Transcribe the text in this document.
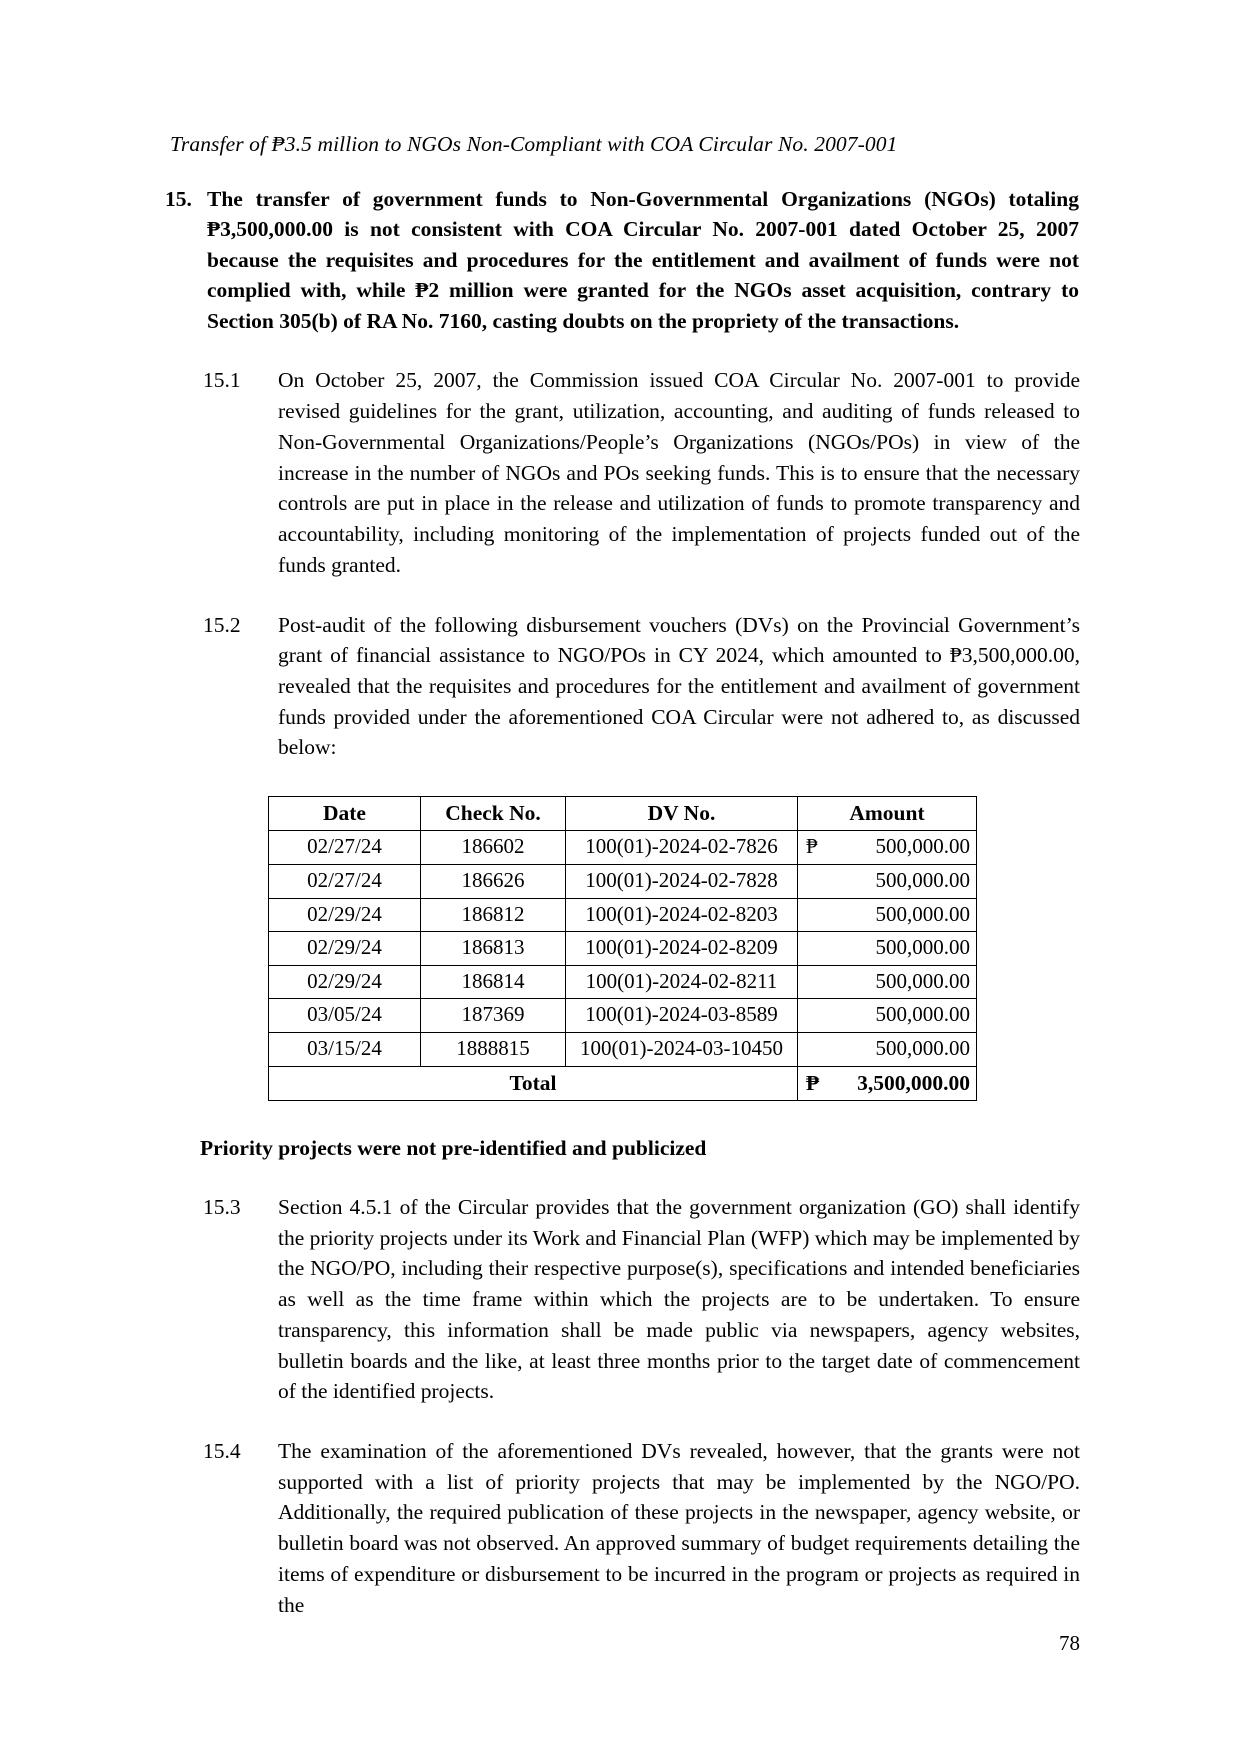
Transfer of ₱3.5 million to NGOs Non-Compliant with COA Circular No. 2007-001
15. The transfer of government funds to Non-Governmental Organizations (NGOs) totaling ₱3,500,000.00 is not consistent with COA Circular No. 2007-001 dated October 25, 2007 because the requisites and procedures for the entitlement and availment of funds were not complied with, while ₱2 million were granted for the NGOs asset acquisition, contrary to Section 305(b) of RA No. 7160, casting doubts on the propriety of the transactions.
15.1	On October 25, 2007, the Commission issued COA Circular No. 2007-001 to provide revised guidelines for the grant, utilization, accounting, and auditing of funds released to Non-Governmental Organizations/People’s Organizations (NGOs/POs) in view of the increase in the number of NGOs and POs seeking funds. This is to ensure that the necessary controls are put in place in the release and utilization of funds to promote transparency and accountability, including monitoring of the implementation of projects funded out of the funds granted.
15.2	Post-audit of the following disbursement vouchers (DVs) on the Provincial Government’s grant of financial assistance to NGO/POs in CY 2024, which amounted to ₱3,500,000.00, revealed that the requisites and procedures for the entitlement and availment of government funds provided under the aforementioned COA Circular were not adhered to, as discussed below:
Date	Check No.	DV No.	Amount
02/27/24	186602	100(01)-2024-02-7826	₱ 500,000.00
02/27/24	186626	100(01)-2024-02-7828	500,000.00
02/29/24	186812	100(01)-2024-02-8203	500,000.00
02/29/24	186813	100(01)-2024-02-8209	500,000.00
02/29/24	186814	100(01)-2024-02-8211	500,000.00
03/05/24	187369	100(01)-2024-03-8589	500,000.00
03/15/24	1888815	100(01)-2024-03-10450	500,000.00
Total			₱ 3,500,000.00
Priority projects were not pre-identified and publicized
15.3	Section 4.5.1 of the Circular provides that the government organization (GO) shall identify the priority projects under its Work and Financial Plan (WFP) which may be implemented by the NGO/PO, including their respective purpose(s), specifications and intended beneficiaries as well as the time frame within which the projects are to be undertaken. To ensure transparency, this information shall be made public via newspapers, agency websites, bulletin boards and the like, at least three months prior to the target date of commencement of the identified projects.
15.4	The examination of the aforementioned DVs revealed, however, that the grants were not supported with a list of priority projects that may be implemented by the NGO/PO. Additionally, the required publication of these projects in the newspaper, agency website, or bulletin board was not observed. An approved summary of budget requirements detailing the items of expenditure or disbursement to be incurred in the program or projects as required in the
78
